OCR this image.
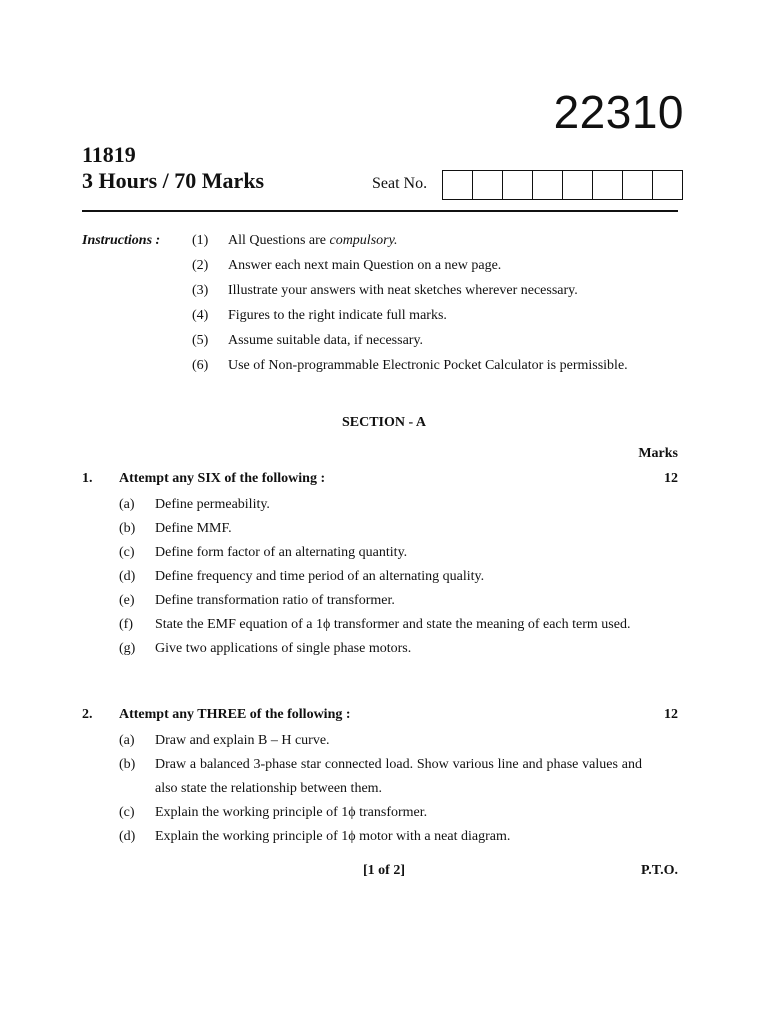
22310
11819
3 Hours / 70 Marks	Seat No.
Instructions : (1)	All Questions are compulsory.
(2)	Answer each next main Question on a new page.
(3)	Illustrate your answers with neat sketches wherever necessary.
(4)	Figures to the right indicate full marks.
(5)	Assume suitable data, if necessary.
(6)	Use of Non-programmable Electronic Pocket Calculator is permissible.
SECTION - A
Marks
1.	Attempt any SIX of the following :	12
(a)	Define permeability.
(b)	Define MMF.
(c)	Define form factor of an alternating quantity.
(d)	Define frequency and time period of an alternating quality.
(e)	Define transformation ratio of transformer.
(f)	State the EMF equation of a 1ϕ transformer and state the meaning of each term used.
(g)	Give two applications of single phase motors.
2.	Attempt any THREE of the following :	12
(a)	Draw and explain B – H curve.
(b)	Draw a balanced 3-phase star connected load. Show various line and phase values and also state the relationship between them.
(c)	Explain the working principle of 1ϕ transformer.
(d)	Explain the working principle of 1ϕ motor with a neat diagram.
[1 of 2]	P.T.O.
